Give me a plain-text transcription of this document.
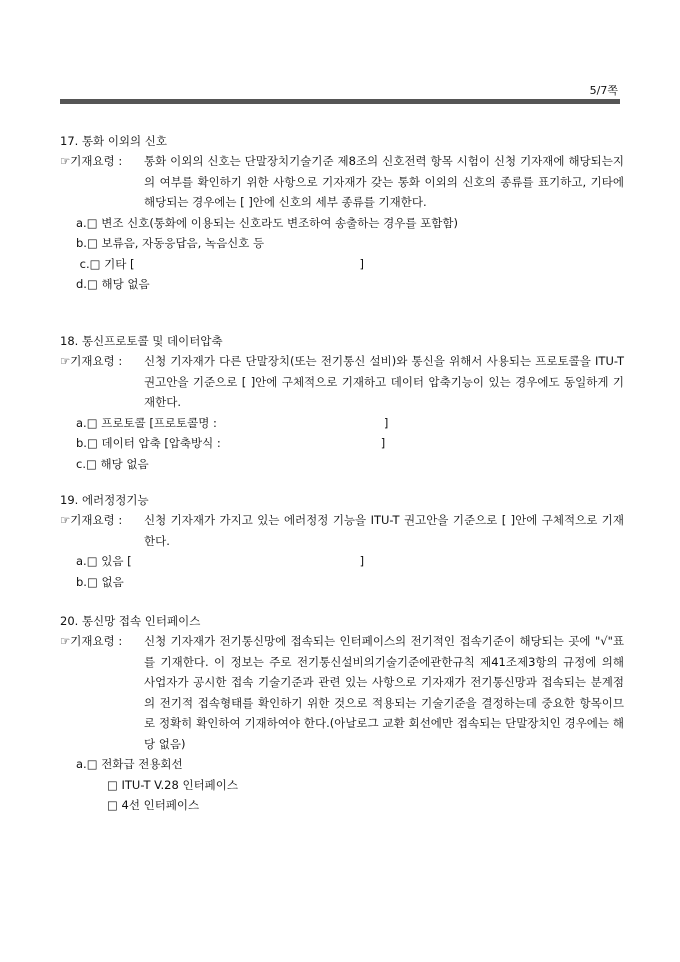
5/7쪽
17. 통화 이외의 신호
☞기재요령 :	통화 이외의 신호는 단말장치기술기준 제8조의 신호전력 항목 시험이 신청 기자재에 해당되는지의 여부를 확인하기 위한 사항으로 기자재가 갖는 통화 이외의 신호의 종류를 표기하고, 기타에 해당되는 경우에는 [ ]안에 신호의 세부 종류를 기재한다.
a.□ 변조 신호(통화에 이용되는 신호라도 변조하여 송출하는 경우를 포함함)
b.□ 보류음, 자동응답음, 녹음신호 등
c.□ 기타 [	]
d.□ 해당 없음
18. 통신프로토콜 및 데이터압축
☞기재요령 :	신청 기자재가 다른 단말장치(또는 전기통신 설비)와 통신을 위해서 사용되는 프로토콜을 ITU-T 권고안을 기준으로 [ ]안에 구체적으로 기재하고 데이터 압축기능이 있는 경우에도 동일하게 기재한다.
a.□ 프로토콜 [프로토콜명 :	]
b.□ 데이터 압축 [압축방식 :	]
c.□ 해당 없음
19. 에러정정기능
☞기재요령 :	신청 기자재가 가지고 있는 에러정정 기능을 ITU-T 권고안을 기준으로 [ ]안에 구체적으로 기재한다.
a.□ 있음 [	]
b.□ 없음
20. 통신망 접속 인터페이스
☞기재요령 :	신청 기자재가 전기통신망에 접속되는 인터페이스의 전기적인 접속기준이 해당되는 곳에 "√"표를 기재한다. 이 정보는 주로 전기통신설비의기술기준에관한규칙 제41조제3항의 규정에 의해 사업자가 공시한 접속 기술기준과 관련 있는 사항으로 기자재가 전기통신망과 접속되는 분계점의 전기적 접속형태를 확인하기 위한 것으로 적용되는 기술기준을 결정하는데 중요한 항목이므로 정확히 확인하여 기재하여야 한다.(아날로그 교환 회선에만 접속되는 단말장치인 경우에는 해당 없음)
a.□ 전화급 전용회선
□ ITU-T V.28 인터페이스
□ 4선 인터페이스
